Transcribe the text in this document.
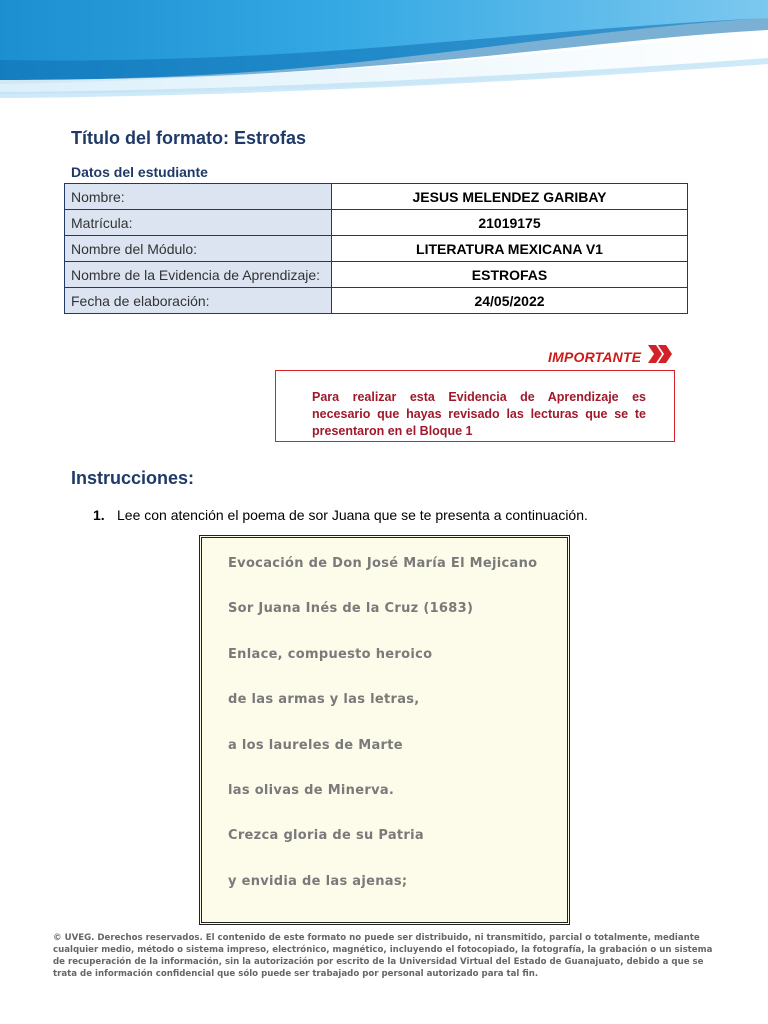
Título del formato: Estrofas
Datos del estudiante
Nombre:	JESUS MELENDEZ GARIBAY
Matrícula:	21019175
Nombre del Módulo:	LITERATURA MEXICANA V1
Nombre de la Evidencia de Aprendizaje:	ESTROFAS
Fecha de elaboración:	24/05/2022
IMPORTANTE
Para realizar esta Evidencia de Aprendizaje es necesario que hayas revisado las lecturas que se te presentaron en el Bloque 1
Instrucciones:
1. Lee con atención el poema de sor Juana que se te presenta a continuación.
Evocación de Don José María El Mejicano
Sor Juana Inés de la Cruz (1683)
Enlace, compuesto heroico
de las armas y las letras,
a los laureles de Marte
las olivas de Minerva.
Crezca gloria de su Patria
y envidia de las ajenas;
© UVEG. Derechos reservados. El contenido de este formato no puede ser distribuido, ni transmitido, parcial o totalmente, mediante cualquier medio, método o sistema impreso, electrónico, magnético, incluyendo el fotocopiado, la fotografía, la grabación o un sistema de recuperación de la información, sin la autorización por escrito de la Universidad Virtual del Estado de Guanajuato, debido a que se trata de información confidencial que sólo puede ser trabajado por personal autorizado para tal fin.
